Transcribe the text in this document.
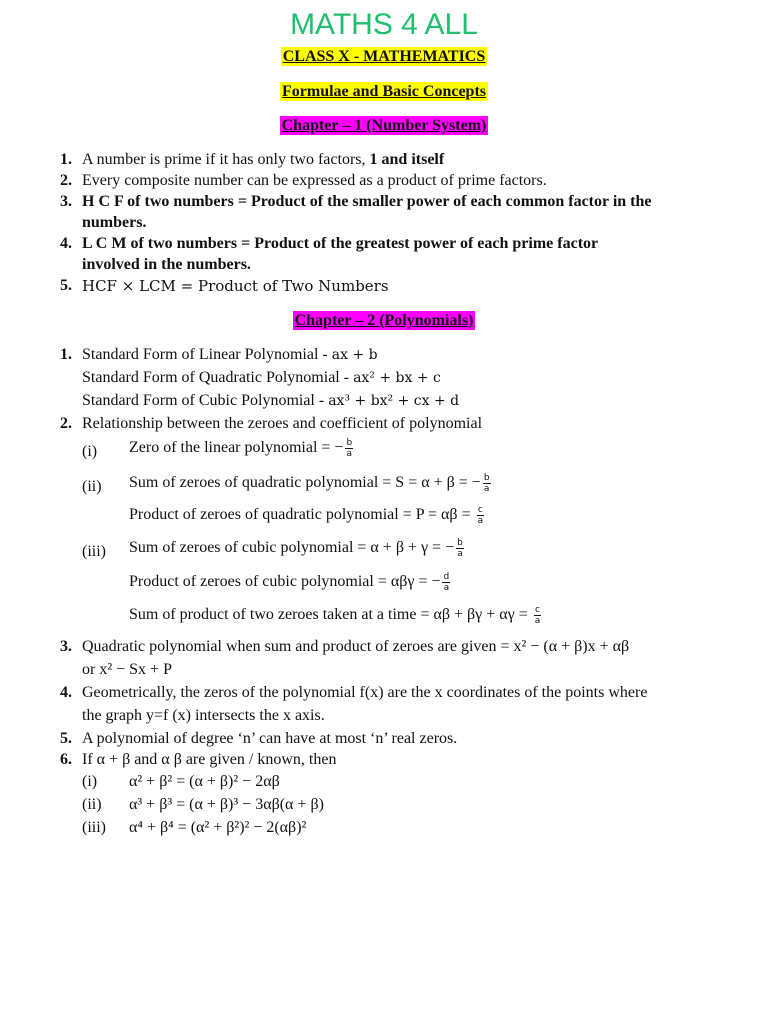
MATHS 4 ALL
CLASS X - MATHEMATICS
Formulae and Basic Concepts
Chapter – 1 (Number System)
1. A number is prime if it has only two factors, 1 and itself
2. Every composite number can be expressed as a product of prime factors.
3. H C F of two numbers = Product of the smaller power of each common factor in the
numbers.
4. L C M of two numbers = Product of the greatest power of each prime factor
involved in the numbers.
5. HCF × LCM = Product of Two Numbers
Chapter – 2 (Polynomials)
1. Standard Form of Linear Polynomial - ax + b
Standard Form of Quadratic Polynomial - ax² + bx + c
Standard Form of Cubic Polynomial - ax³ + bx² + cx + d
2. Relationship between the zeroes and coefficient of polynomial
(i) Zero of the linear polynomial = − $\frac{b}{a}$
(ii) Sum of zeroes of quadratic polynomial = S = α + β = − $\frac{b}{a}$
Product of zeroes of quadratic polynomial = $P = \alpha\beta = \frac{c}{a}$
(iii) Sum of zeroes of cubic polynomial = α + β + γ = − $\frac{b}{a}$
Product of zeroes of cubic polynomial = αβγ = − $\frac{d}{a}$
Sum of product of two zeroes taken at a time = $\alpha\beta + \beta\gamma + \alpha\gamma = \frac{c}{a}$
3. Quadratic polynomial when sum and product of zeroes are given = x² − (α + β)x + αβ
or x² − Sx + P
4. Geometrically, the zeros of the polynomial f(x) are the x coordinates of the points where
the graph y=f (x) intersects the x axis.
5. A polynomial of degree ‘n’ can have at most ‘n’ real zeros.
6. If α + β and α β are given / known, then
(i) α² + β² = (α + β)² − 2αβ
(ii) α³ + β³ = (α + β)³ − 3αβ(α + β)
(iii) α⁴ + β⁴ = (α² + β²)² − 2(αβ)²
